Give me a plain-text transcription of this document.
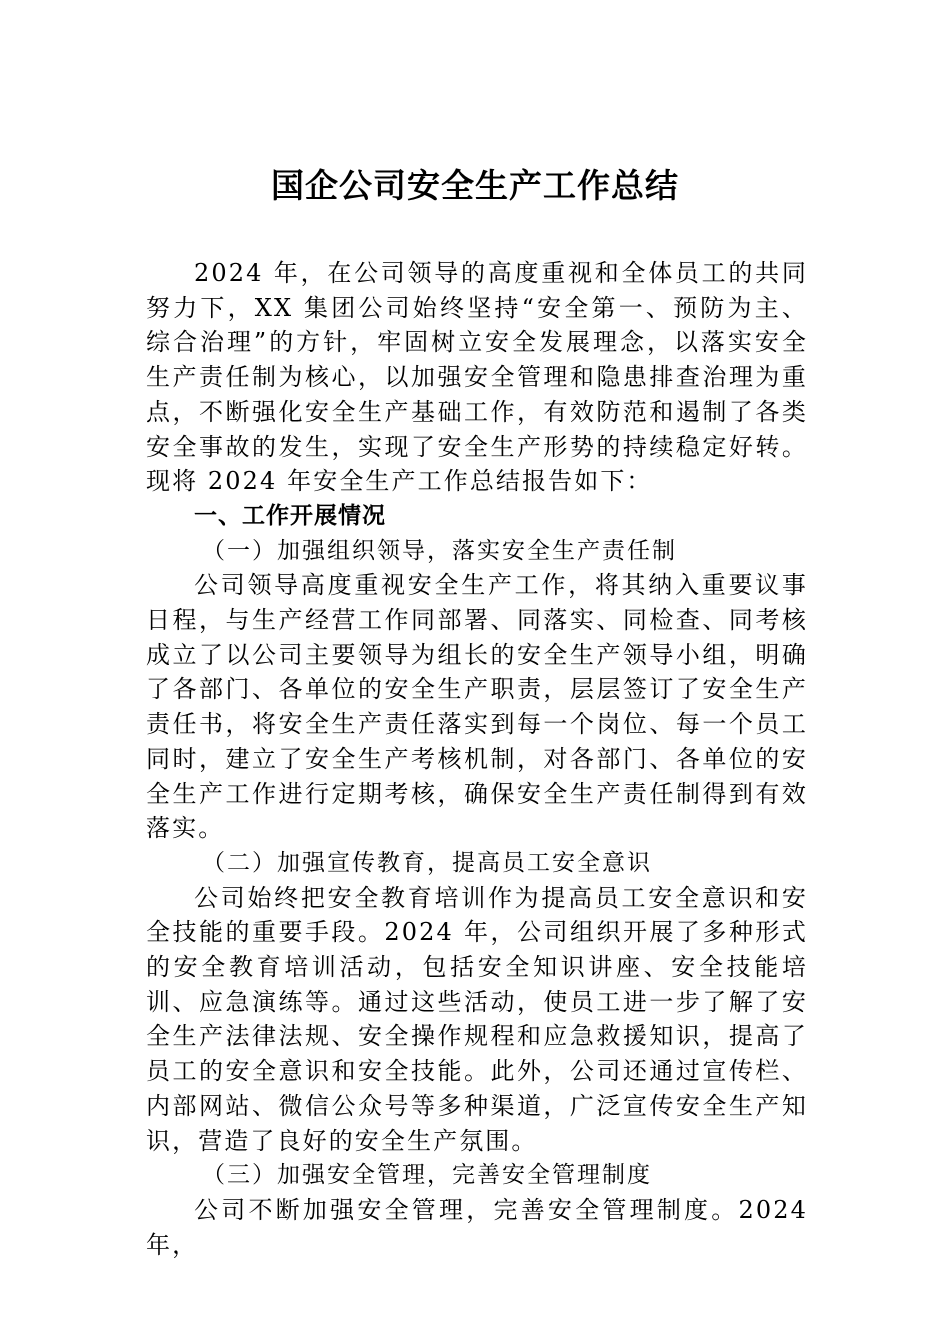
国企公司安全生产工作总结

2024 年，在公司领导的高度重视和全体员工的共同努力下，XX 集团公司始终坚持“安全第一、预防为主、综合治理”的方针，牢固树立安全发展理念，以落实安全生产责任制为核心，以加强安全管理和隐患排查治理为重点，不断强化安全生产基础工作，有效防范和遏制了各类安全事故的发生，实现了安全生产形势的持续稳定好转。现将 2024 年安全生产工作总结报告如下：

一、工作开展情况

（一）加强组织领导，落实安全生产责任制

公司领导高度重视安全生产工作，将其纳入重要议事日程，与生产经营工作同部署、同落实、同检查、同考核成立了以公司主要领导为组长的安全生产领导小组，明确了各部门、各单位的安全生产职责，层层签订了安全生产责任书，将安全生产责任落实到每一个岗位、每一个员工同时，建立了安全生产考核机制，对各部门、各单位的安全生产工作进行定期考核，确保安全生产责任制得到有效落实。

（二）加强宣传教育，提高员工安全意识

公司始终把安全教育培训作为提高员工安全意识和安全技能的重要手段。2024 年，公司组织开展了多种形式的安全教育培训活动，包括安全知识讲座、安全技能培训、应急演练等。通过这些活动，使员工进一步了解了安全生产法律法规、安全操作规程和应急救援知识，提高了员工的安全意识和安全技能。此外，公司还通过宣传栏、内部网站、微信公众号等多种渠道，广泛宣传安全生产知识，营造了良好的安全生产氛围。

（三）加强安全管理，完善安全管理制度

公司不断加强安全管理，完善安全管理制度。2024 年，
